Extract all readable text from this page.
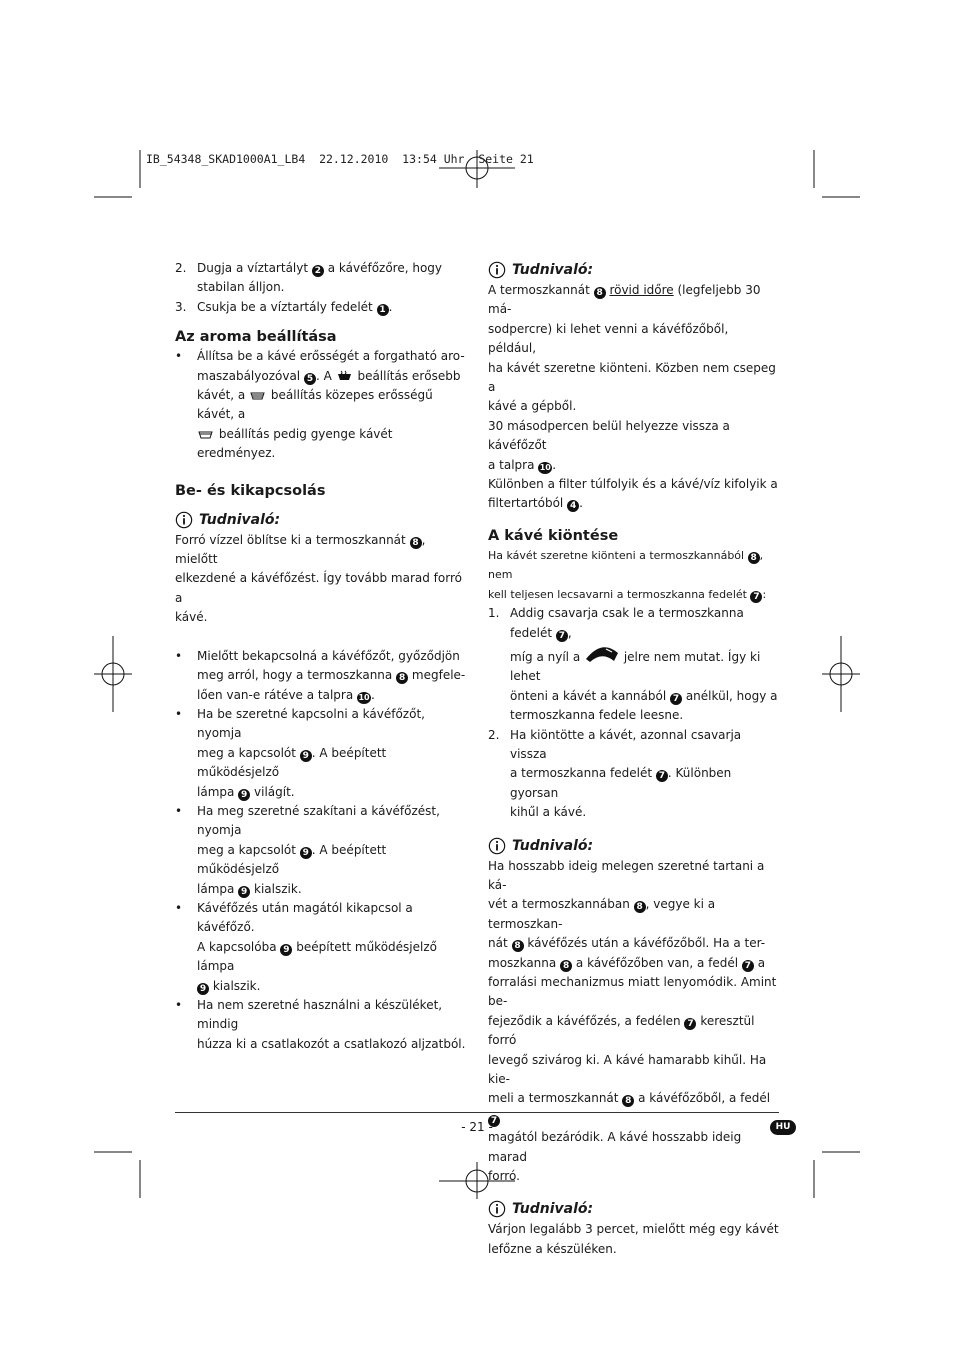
IB_54348_SKAD1000A1_LB4  22.12.2010  13:54 Uhr  Seite 21
2. Dugja a víztartályt 2 a kávéfőzőre, hogy

stabilan álljon.

3. Csukja be a víztartály fedelét 1 .

Az aroma beállítása
• Állítsa be a kávé erősségét a forgatható aro-

maszabályozóval 5 . A beállítás erősebb

kávét, a beállítás közepes erősségű kávét, a

beállítás pedig gyenge kávét eredményez.

Be- és kikapcsolás
Tudnivaló:

Forró vízzel öblítse ki a termoszkannát 8 , mielőtt

elkezdené a kávéfőzést. Így tovább marad forró a

kávé.

• Mielőtt bekapcsolná a kávéfőzőt, győződjön

meg arról, hogy a termoszkanna 8 megfele-

lően van-e rátéve a talpra 10.

• Ha be szeretné kapcsolni a kávéfőzőt, nyomja

meg a kapcsolót 9 . A beépített működésjelző

lámpa 9 világít.

• Ha meg szeretné szakítani a kávéfőzést, nyomja

meg a kapcsolót 9 . A beépített működésjelző

lámpa 9 kialszik.

• Kávéfőzés után magától kikapcsol a kávéfőző.

A kapcsolóba 9 beépített működésjelző lámpa

9 kialszik.

• Ha nem szeretné használni a készüléket, mindig

húzza ki a csatlakozót a csatlakozó aljzatból.

Tudnivaló:

A termoszkannát 8 rövid időre (legfeljebb 30 má-

sodpercre) ki lehet venni a kávéfőzőből, például,

ha kávét szeretne kiönteni. Közben nem csepeg a

kávé a gépből.

30 másodpercen belül helyezze vissza a kávéfőzőt

a talpra 10.

Különben a filter túlfolyik és a kávé/víz kifolyik a

filtertartóból 4 .

A kávé kiöntése

Ha kávét szeretne kiönteni a termoszkannából 8 , nem

kell teljesen lecsavarni a termoszkanna fedelét 7 :

1. Addig csavarja csak le a termoszkanna fedelét 7 ,

míg a nyíl a	jelre nem mutat. Így ki lehet

önteni a kávét a kannából 7 anélkül, hogy a

termoszkanna fedele leesne.

2. Ha kiöntötte a kávét, azonnal csavarja vissza

a termoszkanna fedelét 7 . Különben gyorsan

kihűl a kávé.

Tudnivaló:

Ha hosszabb ideig melegen szeretné tartani a ká-

vét a termoszkannában 8 , vegye ki a termoszkan-

nát 8 kávéfőzés után a kávéfőzőből. Ha a ter-

moszkanna 8 a kávéfőzőben van, a fedél 7 a

forralási mechanizmus miatt lenyomódik. Amint be-

fejeződik a kávéfőzés, a fedélen 7 keresztül forró

levegő szivárog ki. A kávé hamarabb kihűl. Ha kie-

meli a termoszkannát 8 a kávéfőzőből, a fedél 7

magától bezáródik. A kávé hosszabb ideig marad

forró.

Tudnivaló:

Várjon legalább 3 percet, mielőtt még egy kávét

lefőzne a készüléken.

- 21 -	HU
